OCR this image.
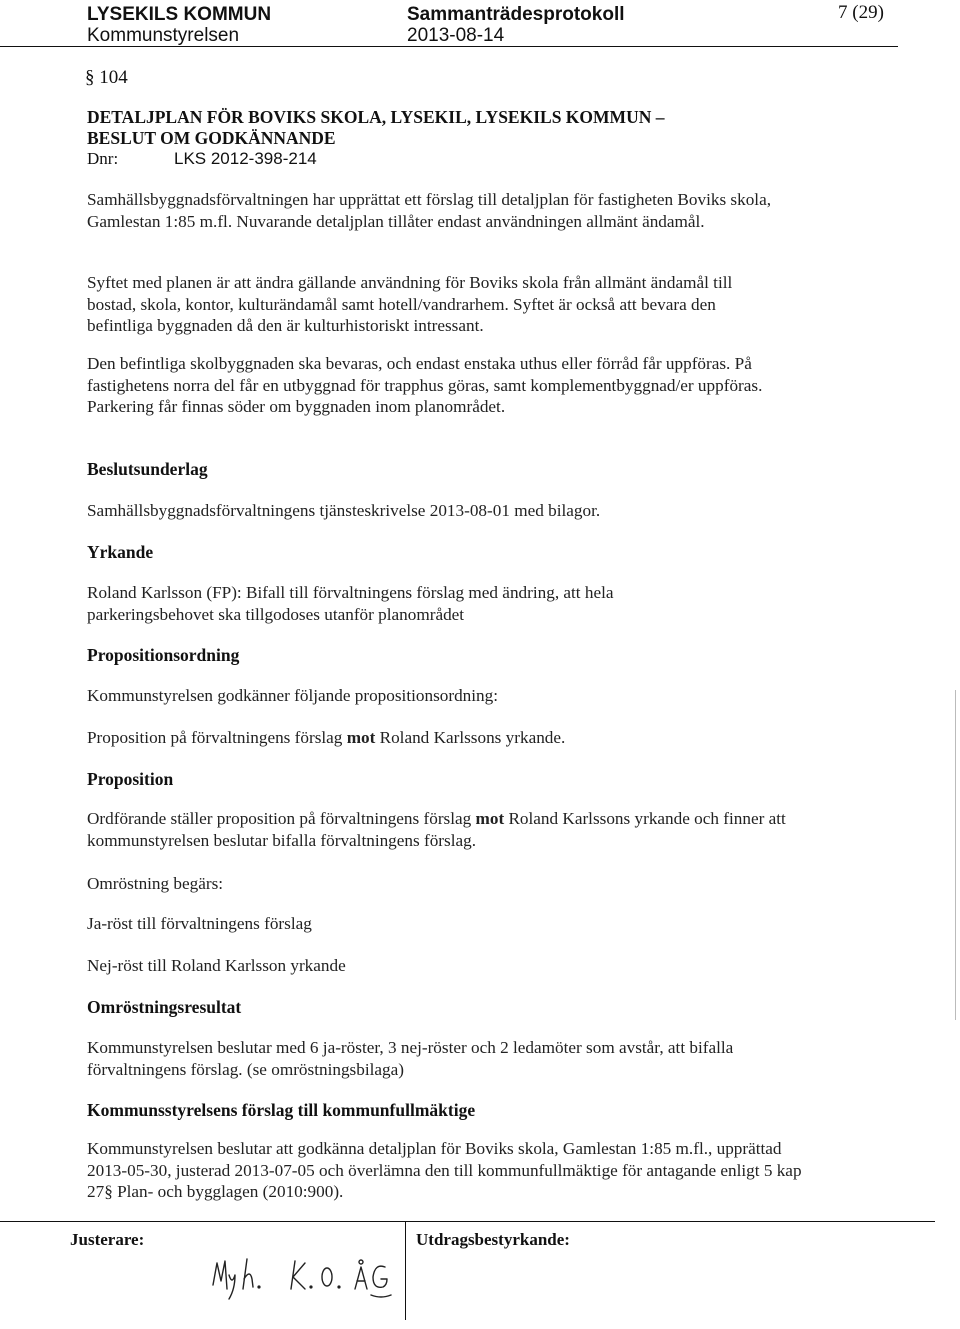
LYSEKILS KOMMUN
Kommunstyrelsen
Sammanträdesprotokoll
2013-08-14
7 (29)
§ 104
DETALJPLAN FÖR BOVIKS SKOLA, LYSEKIL, LYSEKILS KOMMUN –
BESLUT OM GODKÄNNANDE
Dnr:	LKS 2012-398-214

Samhällsbyggnadsförvaltningen har upprättat ett förslag till detaljplan för fastigheten Boviks skola, Gamlestan 1:85 m.fl. Nuvarande detaljplan tillåter endast användningen allmänt ändamål.

Syftet med planen är att ändra gällande användning för Boviks skola från allmänt ändamål till bostad, skola, kontor, kulturändamål samt hotell/vandrarhem. Syftet är också att bevara den befintliga byggnaden då den är kulturhistoriskt intressant.

Den befintliga skolbyggnaden ska bevaras, och endast enstaka uthus eller förråd får uppföras. På fastighetens norra del får en utbyggnad för trapphus göras, samt komplementbyggnad/er uppföras. Parkering får finnas söder om byggnaden inom planområdet.

Beslutsunderlag
Samhällsbyggnadsförvaltningens tjänsteskrivelse 2013-08-01 med bilagor.
Yrkande

Roland Karlsson (FP): Bifall till förvaltningens förslag med ändring, att hela parkeringsbehovet ska tillgodoses utanför planområdet

Propositionsordning
Kommunstyrelsen godkänner följande propositionsordning:
Proposition på förvaltningens förslag mot Roland Karlssons yrkande.
Proposition

Ordförande ställer proposition på förvaltningens förslag mot Roland Karlssons yrkande och finner att kommunstyrelsen beslutar bifalla förvaltningens förslag.

Omröstning begärs:
Ja-röst till förvaltningens förslag
Nej-röst till Roland Karlsson yrkande
Omröstningsresultat

Kommunstyrelsen beslutar med 6 ja-röster, 3 nej-röster och 2 ledamöter som avstår, att bifalla förvaltningens förslag. (se omröstningsbilaga)

Kommunsstyrelsens förslag till kommunfullmäktige

Kommunstyrelsen beslutar att godkänna detaljplan för Boviks skola, Gamlestan 1:85 m.fl., upprättad 2013-05-30, justerad 2013-07-05 och överlämna den till kommunfullmäktige för antagande enligt 5 kap 27§ Plan- och bygglagen (2010:900).

Justerare:	Utdragsbestyrkande:
